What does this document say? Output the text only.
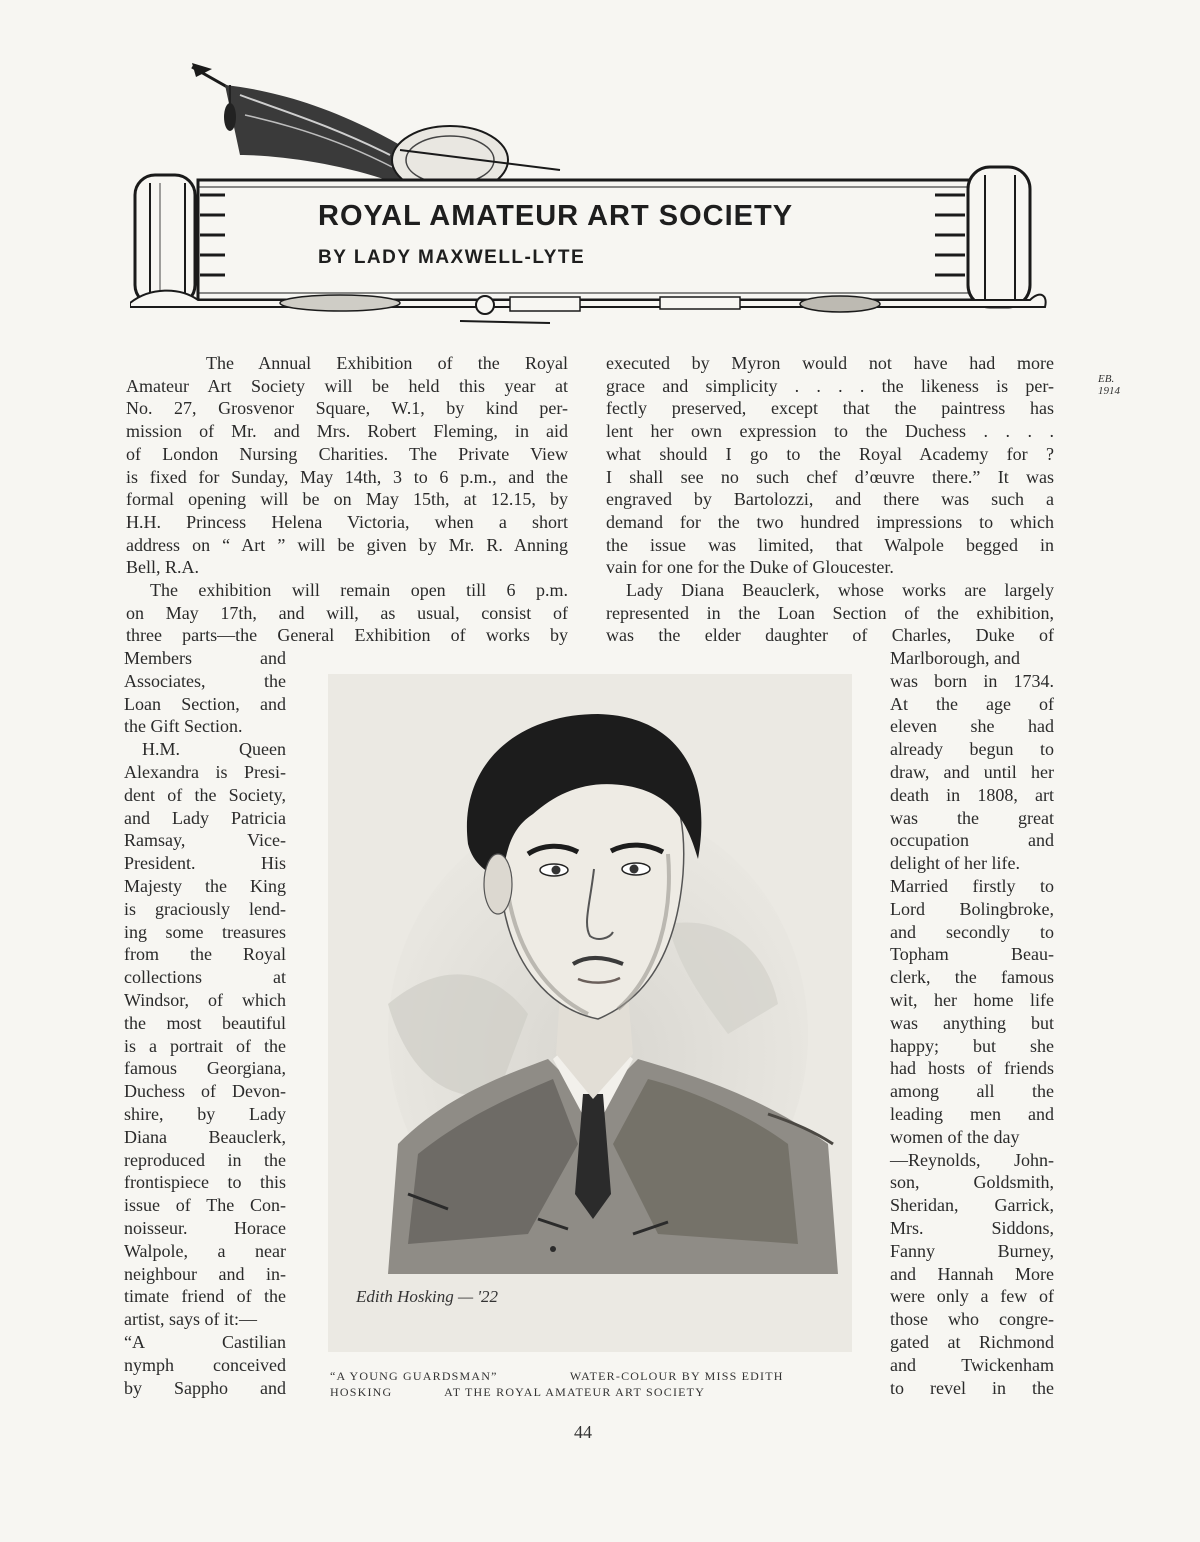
EB. 1914
ROYAL AMATEUR ART SOCIETY
BY LADY MAXWELL-LYTE
The Annual Exhibition of the Royal
Amateur Art Society will be held this year at
No. 27, Grosvenor Square, W.1, by kind per-
mission of Mr. and Mrs. Robert Fleming, in aid
of London Nursing Charities. The Private View
is fixed for Sunday, May 14th, 3 to 6 p.m., and the
formal opening will be on May 15th, at 12.15, by
H.H. Princess Helena Victoria, when a short
address on “ Art ” will be given by Mr. R. Anning
Bell, R.A.
The exhibition will remain open till 6 p.m.
on May 17th, and will, as usual, consist of
three parts—the General Exhibition of works by
Members and
Associates, the
Loan Section, and
the Gift Section.
H.M. Queen
Alexandra is Presi-
dent of the Society,
and Lady Patricia
Ramsay, Vice-
President. His
Majesty the King
is graciously lend-
ing some treasures
from the Royal
collections at
Windsor, of which
the most beautiful
is a portrait of the
famous Georgiana,
Duchess of Devon-
shire, by Lady
Diana Beauclerk,
reproduced in the
frontispiece to this
issue of The Con-
noisseur. Horace
Walpole, a near
neighbour and in-
timate friend of the
artist, says of it:—
“A Castilian
nymph conceived
by Sappho and
executed by Myron would not have had more
grace and simplicity . . . . the likeness is per-
fectly preserved, except that the paintress has
lent her own expression to the Duchess . . . .
what should I go to the Royal Academy for ?
I shall see no such chef d’œuvre there.” It was
engraved by Bartolozzi, and there was such a
demand for the two hundred impressions to which
the issue was limited, that Walpole begged in
vain for one for the Duke of Gloucester.
Lady Diana Beauclerk, whose works are largely
represented in the Loan Section of the exhibition,
was the elder daughter of Charles, Duke of
Marlborough, and
was born in 1734.
At the age of
eleven she had
already begun to
draw, and until her
death in 1808, art
was the great
occupation and
delight of her life.
Married firstly to
Lord Bolingbroke,
and secondly to
Topham Beau-
clerk, the famous
wit, her home life
was anything but
happy; but she
had hosts of friends
among all the
leading men and
women of the day
—Reynolds, John-
son, Goldsmith,
Sheridan, Garrick,
Mrs. Siddons,
Fanny Burney,
and Hannah More
were only a few of
those who congre-
gated at Richmond
and Twickenham
to revel in the
Edith Hosking — '22
“A YOUNG GUARDSMAN”	WATER-COLOUR BY MISS EDITH
HOSKING	AT THE ROYAL AMATEUR ART SOCIETY
44
